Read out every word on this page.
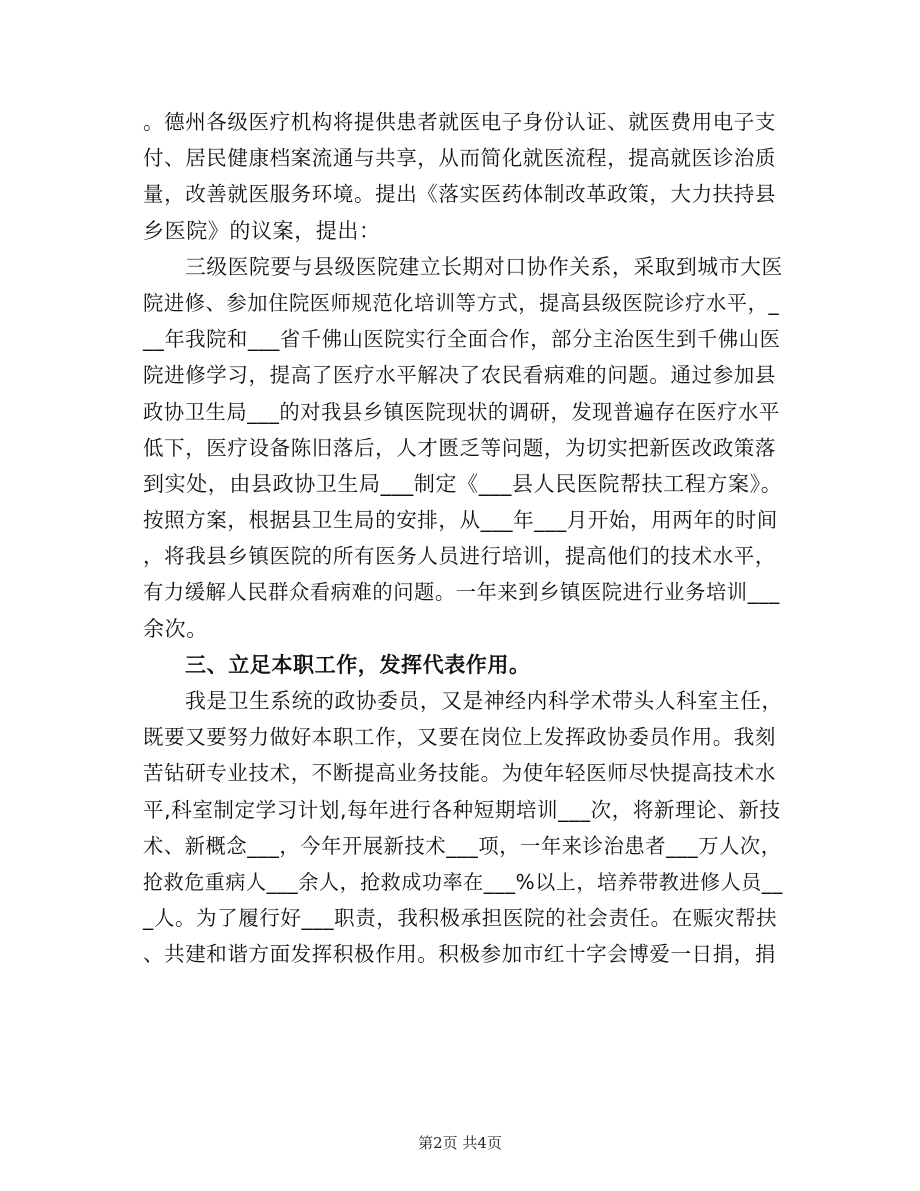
。德州各级医疗机构将提供患者就医电子身份认证、就医费用电子支
付、居民健康档案流通与共享，从而简化就医流程，提高就医诊治质
量，改善就医服务环境。提出《落实医药体制改革政策，大力扶持县
乡医院》的议案，提出：
三级医院要与县级医院建立长期对口协作关系，采取到城市大医
院进修、参加住院医师规范化培训等方式，提高县级医院诊疗水平，_
__年我院和___省千佛山医院实行全面合作，部分主治医生到千佛山医
院进修学习，提高了医疗水平解决了农民看病难的问题。通过参加县
政协卫生局___的对我县乡镇医院现状的调研，发现普遍存在医疗水平
低下，医疗设备陈旧落后，人才匮乏等问题，为切实把新医改政策落
到实处，由县政协卫生局___制定《___县人民医院帮扶工程方案》。
按照方案，根据县卫生局的安排，从___年___月开始，用两年的时间
，将我县乡镇医院的所有医务人员进行培训，提高他们的技术水平，
有力缓解人民群众看病难的问题。一年来到乡镇医院进行业务培训___
余次。
三、立足本职工作，发挥代表作用。
我是卫生系统的政协委员，又是神经内科学术带头人科室主任，
既要又要努力做好本职工作，又要在岗位上发挥政协委员作用。我刻
苦钻研专业技术，不断提高业务技能。为使年轻医师尽快提高技术水
平,科室制定学习计划,每年进行各种短期培训___次，将新理论、新技
术、新概念___，今年开展新技术___项，一年来诊治患者___万人次，
抢救危重病人___余人，抢救成功率在___%以上，培养带教进修人员__
_人。为了履行好___职责，我积极承担医院的社会责任。在赈灾帮扶
、共建和谐方面发挥积极作用。积极参加市红十字会博爱一日捐，捐
第2页 共4页
